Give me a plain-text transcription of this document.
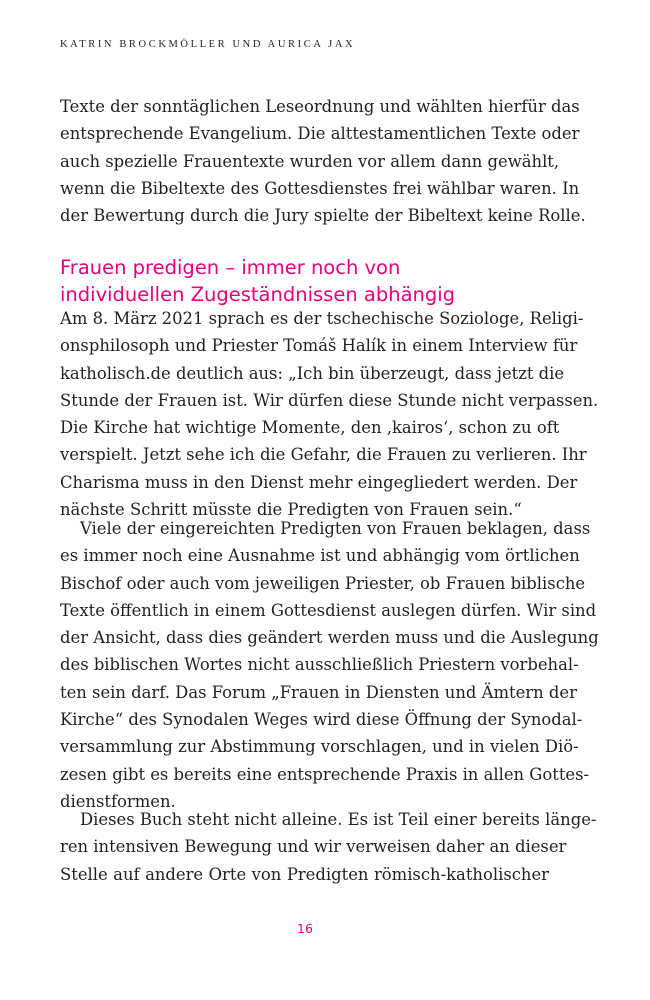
KATRIN BROCKMÖLLER UND AURICA JAX
Texte der sonntäglichen Leseordnung und wählten hierfür das
entsprechende Evangelium. Die alttestamentlichen Texte oder
auch spezielle Frauentexte wurden vor allem dann gewählt,
wenn die Bibeltexte des Gottesdienstes frei wählbar waren. In
der Bewertung durch die Jury spielte der Bibeltext keine Rolle.
Frauen predigen – immer noch von
individuellen Zugeständnissen abhängig
Am 8. März 2021 sprach es der tschechische Soziologe, Religi-
onsphilosoph und Priester Tomáš Halík in einem Interview für
katholisch.de deutlich aus: „Ich bin überzeugt, dass jetzt die
Stunde der Frauen ist. Wir dürfen diese Stunde nicht verpassen.
Die Kirche hat wichtige Momente, den ‚kairos‘, schon zu oft
verspielt. Jetzt sehe ich die Gefahr, die Frauen zu verlieren. Ihr
Charisma muss in den Dienst mehr eingegliedert werden. Der
nächste Schritt müsste die Predigten von Frauen sein.“
Viele der eingereichten Predigten von Frauen beklagen, dass
es immer noch eine Ausnahme ist und abhängig vom örtlichen
Bischof oder auch vom jeweiligen Priester, ob Frauen biblische
Texte öffentlich in einem Gottesdienst auslegen dürfen. Wir sind
der Ansicht, dass dies geändert werden muss und die Auslegung
des biblischen Wortes nicht ausschließlich Priestern vorbehal-
ten sein darf. Das Forum „Frauen in Diensten und Ämtern der
Kirche“ des Synodalen Weges wird diese Öffnung der Synodal-
versammlung zur Abstimmung vorschlagen, und in vielen Diö-
zesen gibt es bereits eine entsprechende Praxis in allen Gottes-
dienstformen.
Dieses Buch steht nicht alleine. Es ist Teil einer bereits länge-
ren intensiven Bewegung und wir verweisen daher an dieser
Stelle auf andere Orte von Predigten römisch-katholischer
16
